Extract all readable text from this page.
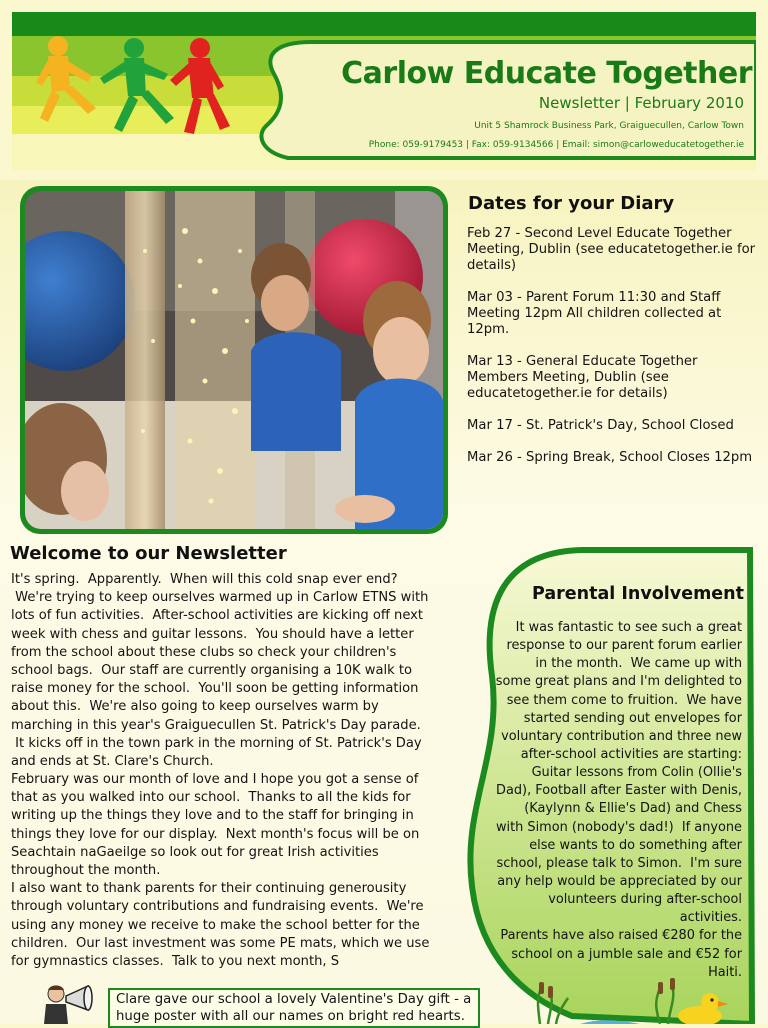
Carlow Educate Together
Newsletter | February 2010
Unit 5 Shamrock Business Park, Graiguecullen, Carlow Town
Phone: 059-9179453 | Fax: 059-9134566 | Email: simon@carloweducatetogether.ie
Dates for your Diary

Feb 27 - Second Level Educate Together Meeting, Dublin (see educatetogether.ie for details)

Mar 03 - Parent Forum 11:30 and Staff Meeting 12pm All children collected at 12pm.

Mar 13 - General Educate Together Members Meeting, Dublin (see educatetogether.ie for details)

Mar 17 - St. Patrick's Day, School Closed

Mar 26 - Spring Break, School Closes 12pm

Welcome to our Newsletter
It's spring.  Apparently.  When will this cold snap ever end?
We're trying to keep ourselves warmed up in Carlow ETNS with
lots of fun activities.  After-school activities are kicking off next
week with chess and guitar lessons.  You should have a letter
from the school about these clubs so check your children's
school bags.  Our staff are currently organising a 10K walk to
raise money for the school.  You'll soon be getting information
about this.  We're also going to keep ourselves warm by
marching in this year's Graiguecullen St. Patrick's Day parade.
It kicks off in the town park in the morning of St. Patrick's Day
and ends at St. Clare's Church.
February was our month of love and I hope you got a sense of
that as you walked into our school.  Thanks to all the kids for
writing up the things they love and to the staff for bringing in
things they love for our display.  Next month's focus will be on
Seachtain naGaeilge so look out for great Irish activities
throughout the month.
I also want to thank parents for their continuing generousity
through voluntary contributions and fundraising events.  We're
using any money we receive to make the school better for the
children.  Our last investment was some PE mats, which we use
for gymnastics classes.  Talk to you next month, S
Parental Involvement
It was fantastic to see such a great
response to our parent forum earlier
in the month.  We came up with
some great plans and I'm delighted to
see them come to fruition.  We have
started sending out envelopes for
voluntary contribution and three new
after-school activities are starting:
Guitar lessons from Colin (Ollie's
Dad), Football after Easter with Denis,
(Kaylynn & Ellie's Dad) and Chess
with Simon (nobody's dad!)  If anyone
else wants to do something after
school, please talk to Simon.  I'm sure
any help would be appreciated by our
volunteers during after-school
activities.
Parents have also raised €280 for the
school on a jumble sale and €52 for
Haiti.
Clare gave our school a lovely Valentine's Day gift - a
huge poster with all our names on bright red hearts.
